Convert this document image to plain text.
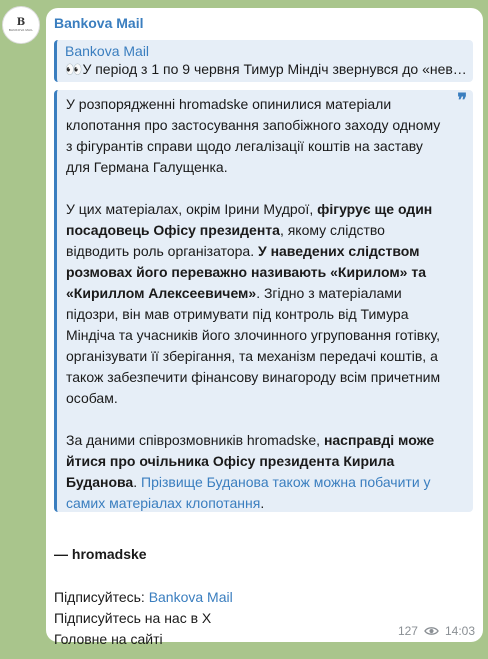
B
BANKOVA MAIL Bankova Mail
Bankova Mail
👀У період з 1 по 9 червня Тимур Міндіч звернувся до «нев…
❞

У розпорядженні hromadske опинилися матеріали клопотання про застосування запобіжного заходу одному з фігурантів справи щодо легалізації коштів на заставу для Германа Галущенка.

У цих матеріалах, окрім Ірини Мудрої, фігурує ще один посадовець Офісу президента, якому слідство відводить роль організатора. У наведених слідством розмовах його переважно називають «Кирилом» та «Кириллом Алексеевичем». Згідно з матеріалами підозри, він мав отримувати під контроль від Тимура Міндіча та учасників його злочинного угруповання готівку, організувати її зберігання, та механізм передачі коштів, а також забезпечити фінансову винагороду всім причетним особам.

За даними співрозмовників hromadske, насправді може йтися про очільника Офісу президента Кирила Буданова. Прізвище Буданова також можна побачити у самих матеріалах клопотання.

— hromadske
Підписуйтесь: Bankova Mail
Підписуйтесь на нас в X
Головне на сайті	127 14:03
